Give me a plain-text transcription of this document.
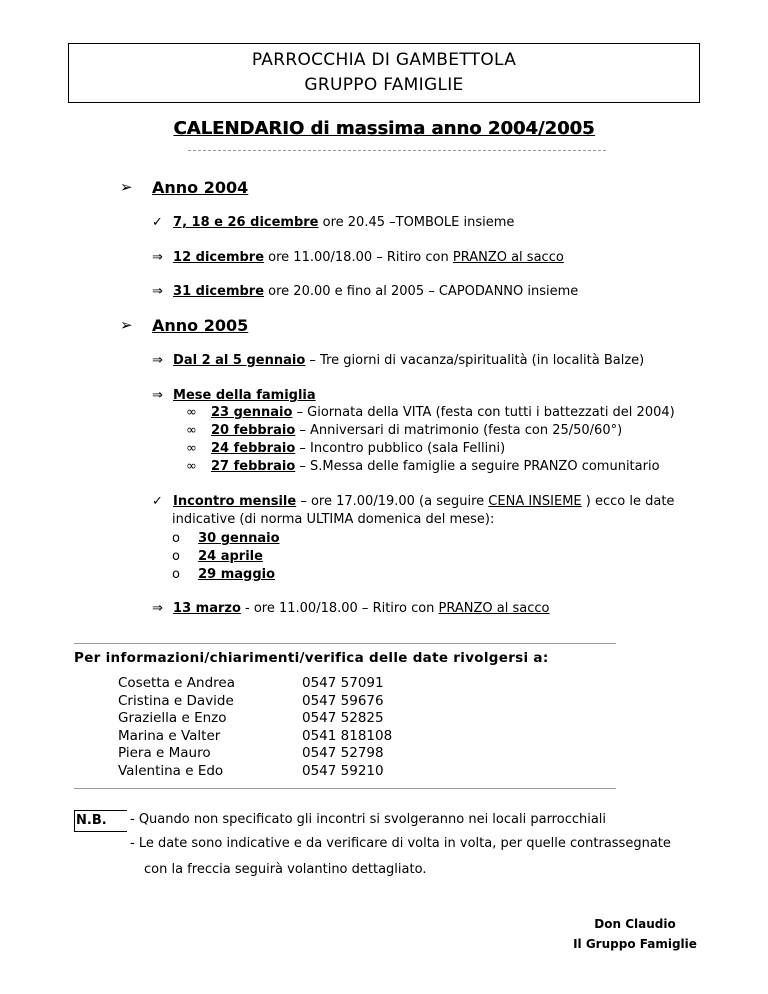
PARROCCHIA DI GAMBETTOLA
GRUPPO FAMIGLIE
CALENDARIO di massima anno 2004/2005
➢ Anno 2004
✓ 7, 18 e 26 dicembre ore 20.45 –TOMBOLE insieme
⇒ 12 dicembre ore 11.00/18.00 – Ritiro con PRANZO al sacco
⇒ 31 dicembre ore 20.00 e fino al 2005 – CAPODANNO insieme
➢ Anno 2005
⇒ Dal 2 al 5 gennaio – Tre giorni di vacanza/spiritualità (in località Balze)
⇒ Mese della famiglia
∞ 23 gennaio – Giornata della VITA (festa con tutti i battezzati del 2004)
∞ 20 febbraio – Anniversari di matrimonio (festa con 25/50/60°)
∞ 24 febbraio – Incontro pubblico (sala Fellini)
∞ 27 febbraio – S.Messa delle famiglie a seguire PRANZO comunitario
✓ Incontro mensile – ore 17.00/19.00 (a seguire CENA INSIEME ) ecco le date
indicative (di norma ULTIMA domenica del mese):
o 30 gennaio
o 24 aprile
o 29 maggio
⇒ 13 marzo - ore 11.00/18.00 – Ritiro con PRANZO al sacco
Per informazioni/chiarimenti/verifica delle date rivolgersi a:
Cosetta e Andrea
Cristina e Davide
Graziella e Enzo
Marina e Valter
Piera e Mauro
Valentina e Edo
0547 57091
0547 59676
0547 52825
0541 818108
0547 52798
0547 59210
N.B.	- Quando non specificato gli incontri si svolgeranno nei locali parrocchiali
- Le date sono indicative e da verificare di volta in volta, per quelle contrassegnate
con la freccia seguirà volantino dettagliato.
Don Claudio
Il Gruppo Famiglie
